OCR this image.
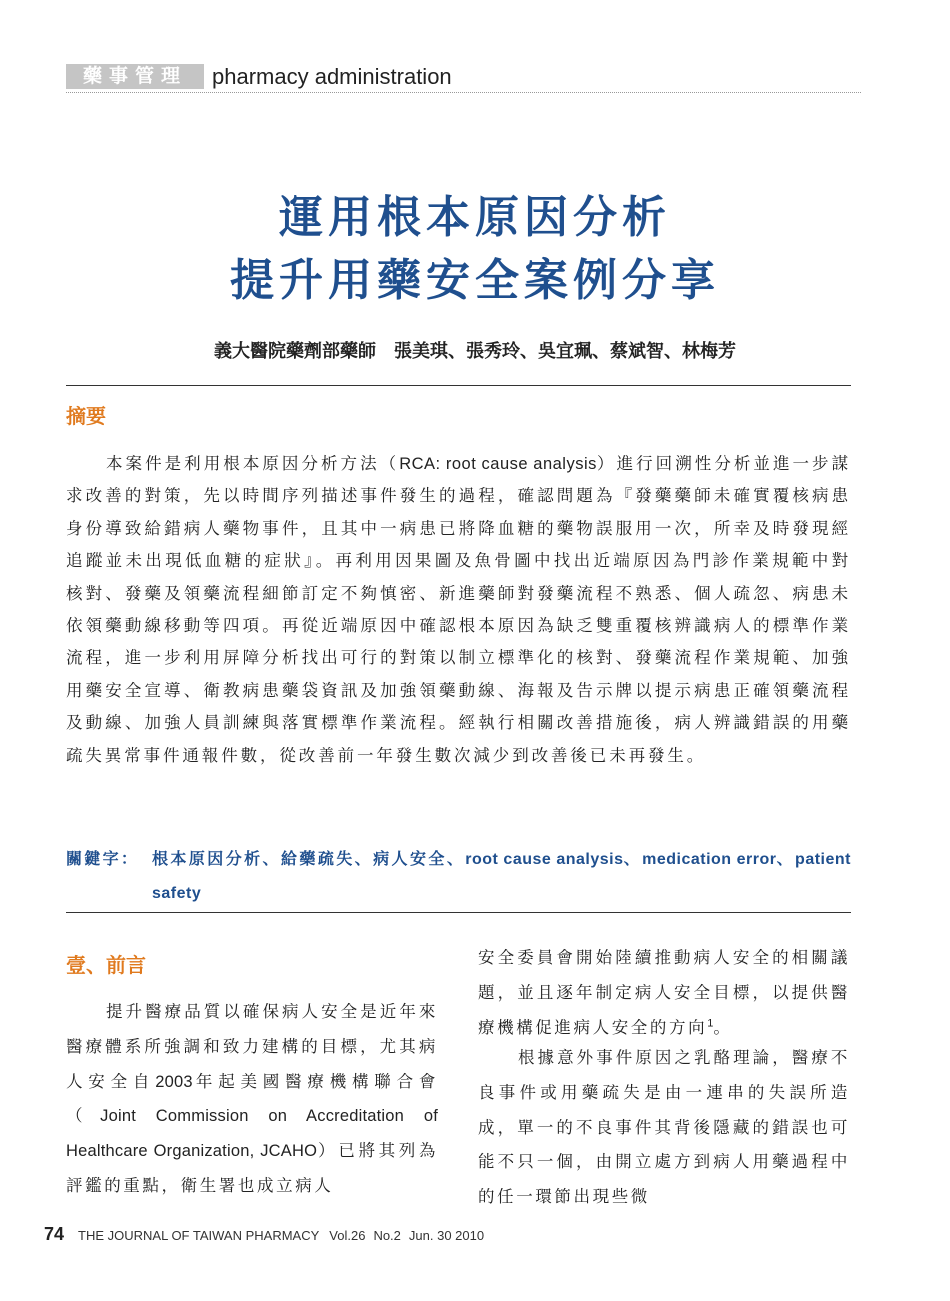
藥事管理	pharmacy administration
運用根本原因分析
提升用藥安全案例分享
義大醫院藥劑部藥師　張美琪、張秀玲、吳宜珮、蔡斌智、林梅芳
摘要

本案件是利用根本原因分析方法（RCA: root cause analysis）進行回溯性分析並進一步謀求改善的對策，先以時間序列描述事件發生的過程，確認問題為『發藥藥師未確實覆核病患身份導致給錯病人藥物事件，且其中一病患已將降血糖的藥物誤服用一次，所幸及時發現經追蹤並未出現低血糖的症狀』。再利用因果圖及魚骨圖中找出近端原因為門診作業規範中對核對、發藥及領藥流程細節訂定不夠慎密、新進藥師對發藥流程不熟悉、個人疏忽、病患未依領藥動線移動等四項。再從近端原因中確認根本原因為缺乏雙重覆核辨識病人的標準作業流程，進一步利用屏障分析找出可行的對策以制立標準化的核對、發藥流程作業規範、加強用藥安全宣導、衛教病患藥袋資訊及加強領藥動線、海報及告示牌以提示病患正確領藥流程及動線、加強人員訓練與落實標準作業流程。經執行相關改善措施後，病人辨識錯誤的用藥疏失異常事件通報件數，從改善前一年發生數次減少到改善後已未再發生。

關鍵字： 根本原因分析、給藥疏失、病人安全、root cause analysis、medication error、patient safety
壹、前言

提升醫療品質以確保病人安全是近年來醫療體系所強調和致力建構的目標，尤其病人安全自2003年起美國醫療機構聯合會（Joint Commission on Accreditation of Healthcare Organization, JCAHO）已將其列為評鑑的重點，衛生署也成立病人

安全委員會開始陸續推動病人安全的相關議題，並且逐年制定病人安全目標，以提供醫療機構促進病人安全的方向$^1$。

根據意外事件原因之乳酪理論，醫療不良事件或用藥疏失是由一連串的失誤所造成，單一的不良事件其背後隱藏的錯誤也可能不只一個，由開立處方到病人用藥過程中的任一環節出現些微

74 THE JOURNAL OF TAIWAN PHARMACY Vol.26 No.2 Jun. 30 2010
